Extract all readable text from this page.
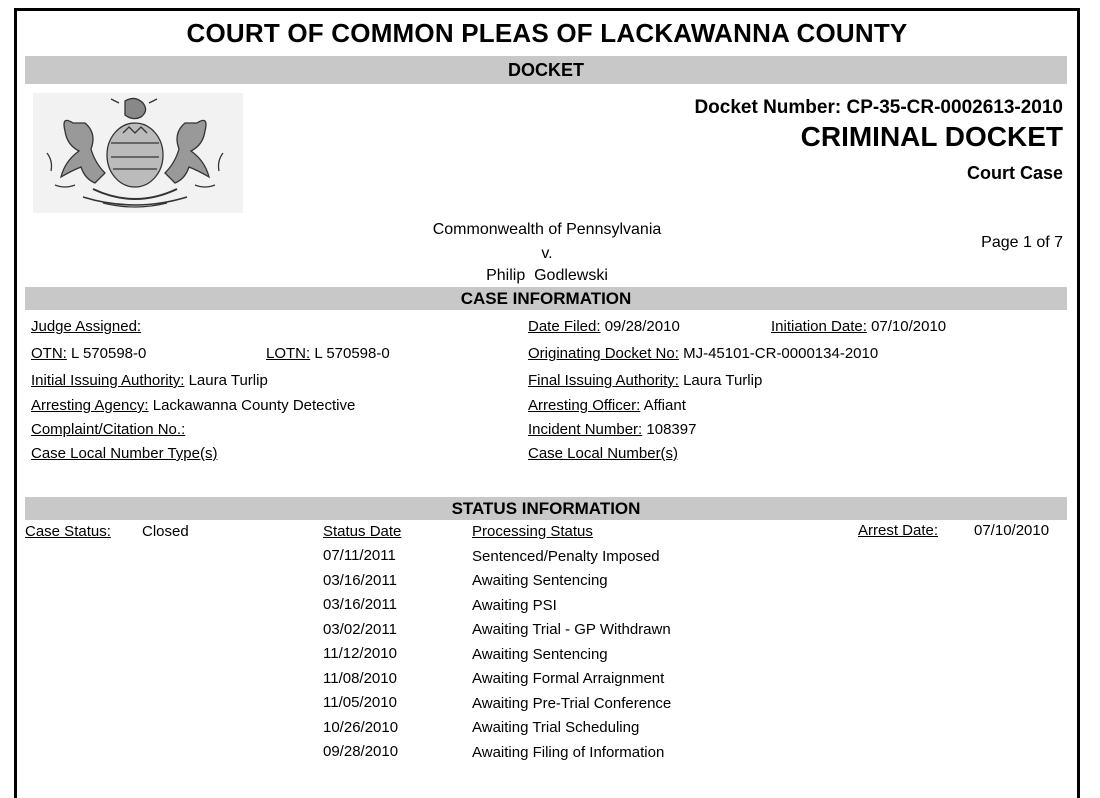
COURT OF COMMON PLEAS OF LACKAWANNA COUNTY
DOCKET
Docket Number: CP-35-CR-0002613-2010
CRIMINAL DOCKET
Court Case
Commonwealth of Pennsylvania
v.
Philip  Godlewski
Page 1 of 7
CASE INFORMATION
Judge Assigned:	Date Filed: 09/28/2010	Initiation Date: 07/10/2010
OTN: L 570598-0	LOTN: L 570598-0	Originating Docket No: MJ-45101-CR-0000134-2010
Initial Issuing Authority: Laura Turlip	Final Issuing Authority: Laura Turlip
Arresting Agency: Lackawanna County Detective	Arresting Officer: Affiant
Complaint/Citation No.:	Incident Number: 108397
Case Local Number Type(s)	Case Local Number(s)
STATUS INFORMATION
Case Status: Closed	Status Date	Processing Status	Arrest Date: 07/10/2010
07/11/2011	Sentenced/Penalty Imposed
03/16/2011	Awaiting Sentencing
03/16/2011	Awaiting PSI
03/02/2011	Awaiting Trial - GP Withdrawn
11/12/2010	Awaiting Sentencing
11/08/2010	Awaiting Formal Arraignment
11/05/2010	Awaiting Pre-Trial Conference
10/26/2010	Awaiting Trial Scheduling
09/28/2010	Awaiting Filing of Information
